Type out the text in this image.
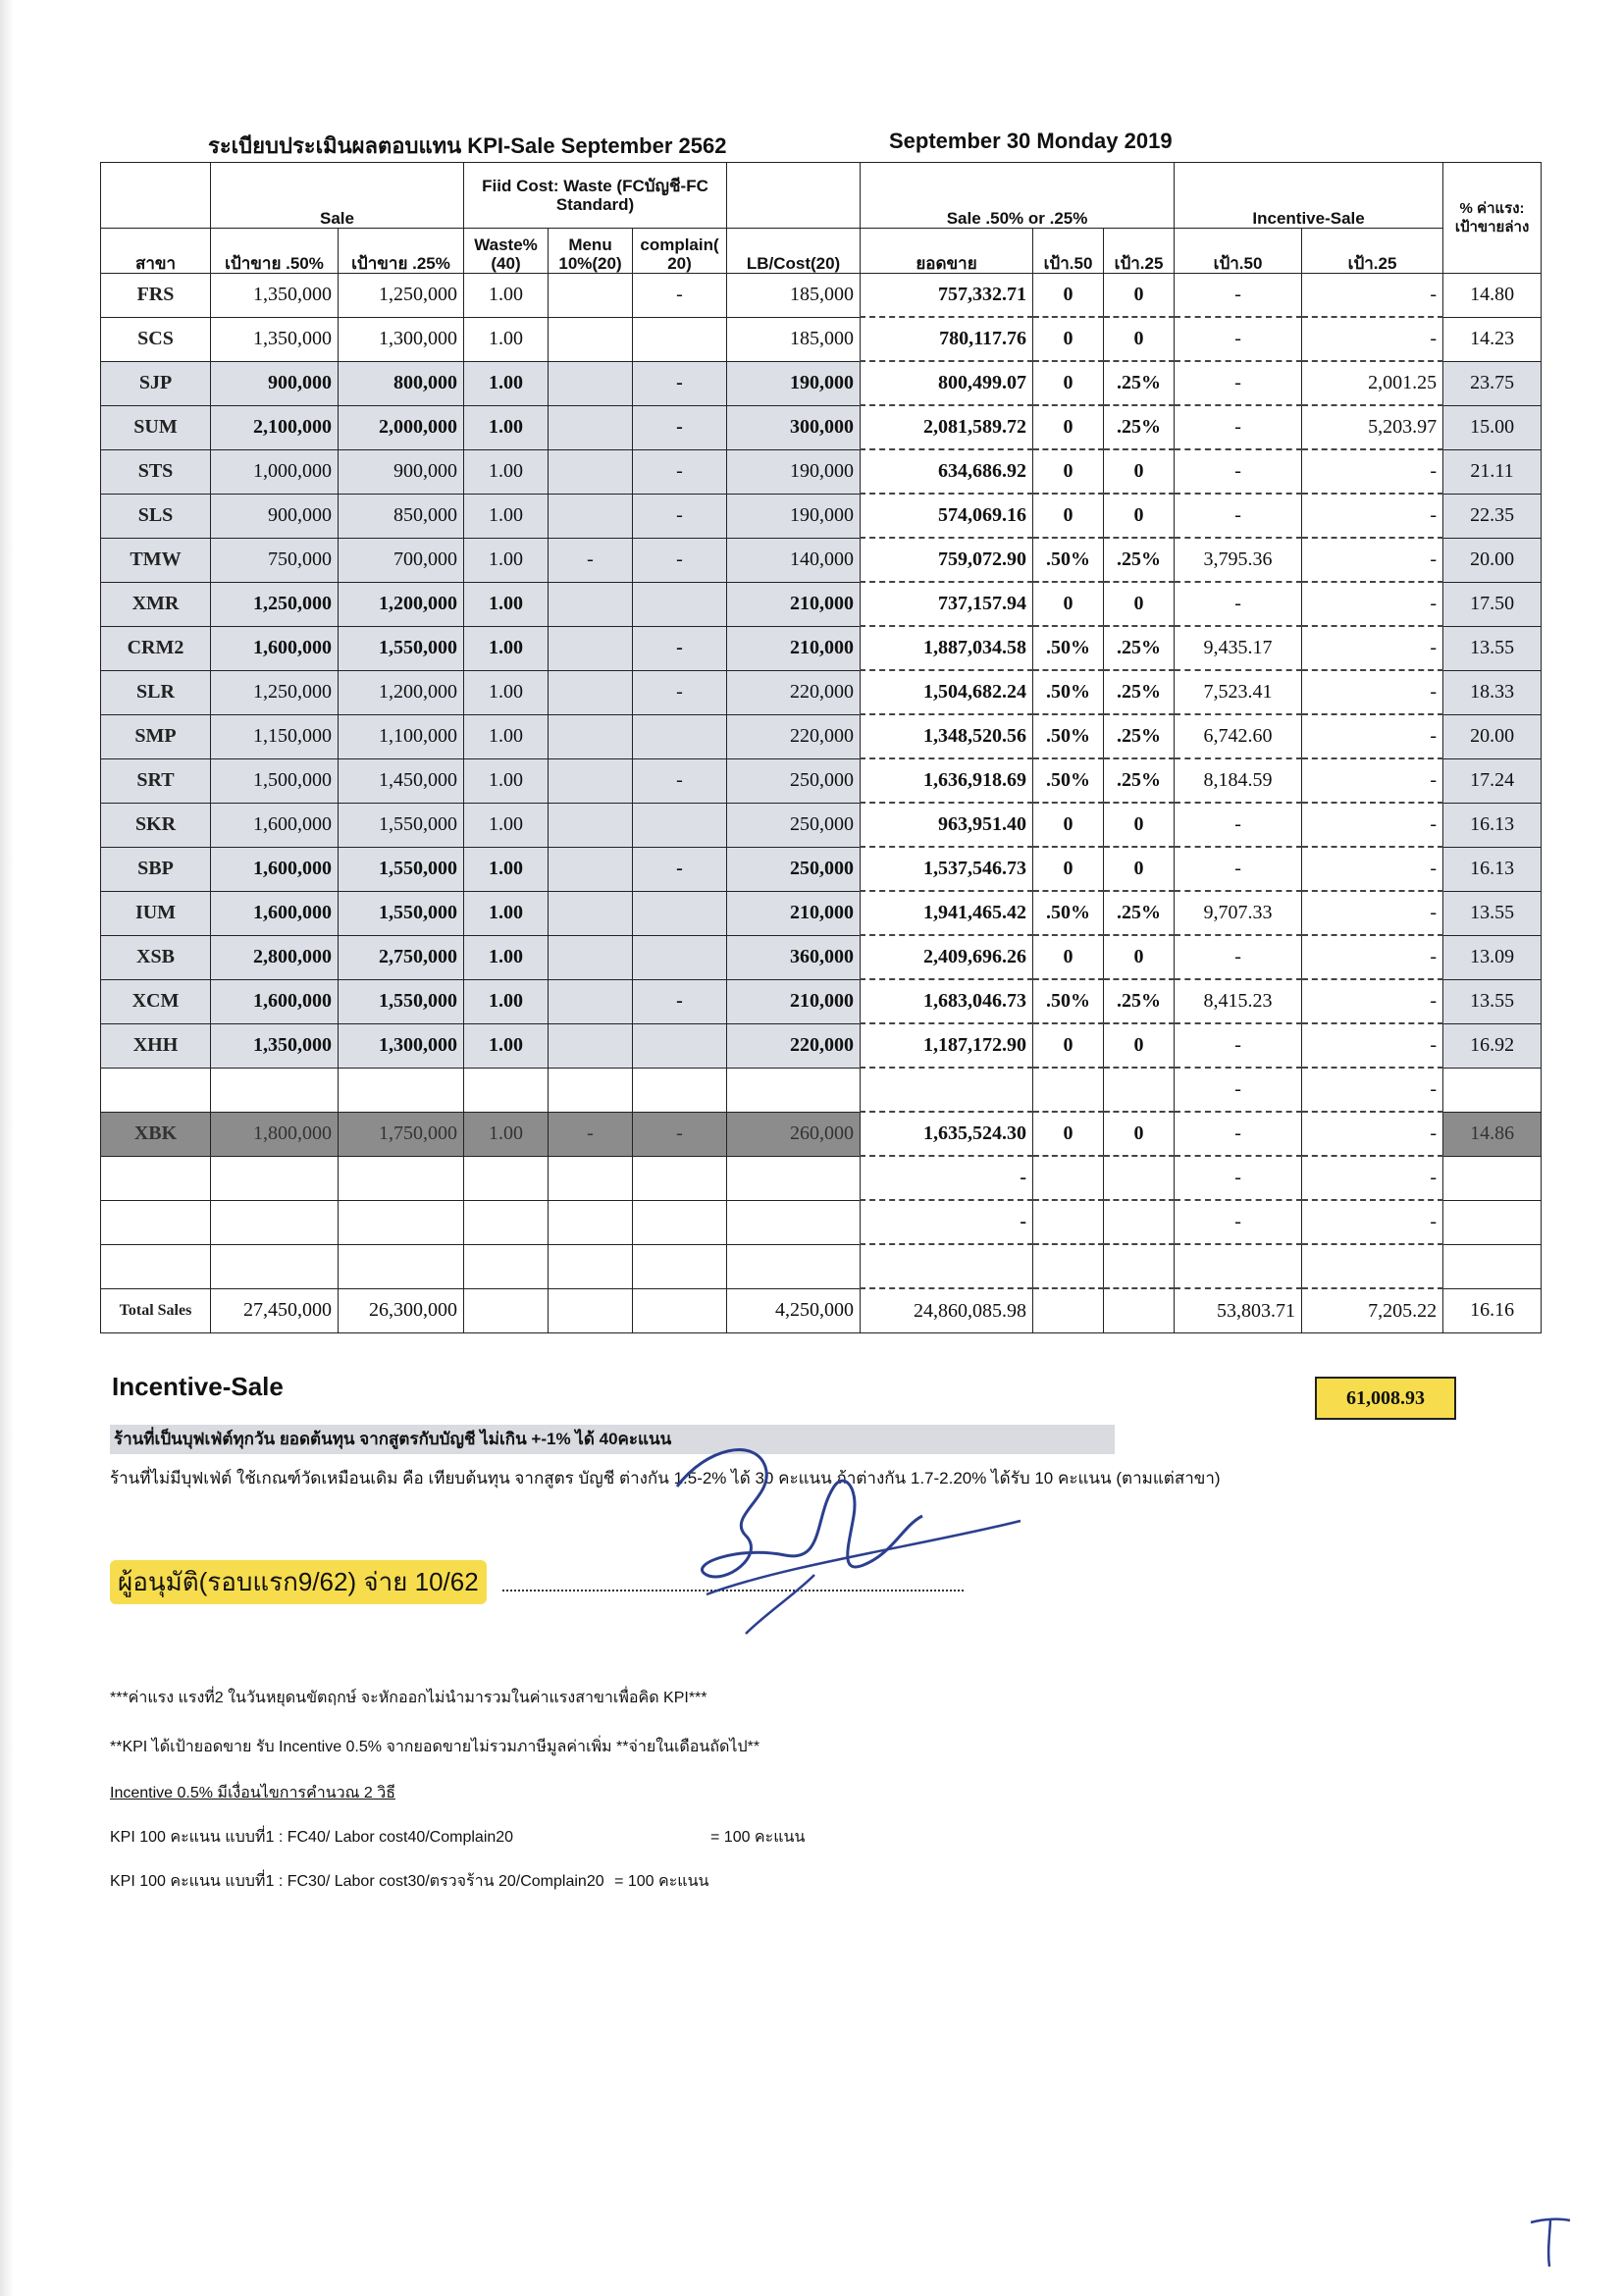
ระเบียบประเมินผลตอบแทน KPI-Sale September 2562	September 30 Monday 2019
	Sale		Fiid Cost: Waste (FCบัญชี-FC Standard)				Sale .50% or .25%			Incentive-Sale		% ค่าแรง: เป้าขายล่าง
สาขา	เป้าขาย .50%	เป้าขาย .25%	Waste% (40)	Menu 10%(20)	complain( 20)	LB/Cost(20)	ยอดขาย	เป้า.50	เป้า.25	เป้า.50	เป้า.25	
FRS	1,350,000	1,250,000	1.00		-	185,000	757,332.71	0	0	-	-	14.80
SCS	1,350,000	1,300,000	1.00			185,000	780,117.76	0	0	-	-	14.23
SJP	900,000	800,000	1.00		-	190,000	800,499.07	0	.25%	-	2,001.25	23.75
SUM	2,100,000	2,000,000	1.00		-	300,000	2,081,589.72	0	.25%	-	5,203.97	15.00
STS	1,000,000	900,000	1.00		-	190,000	634,686.92	0	0	-	-	21.11
SLS	900,000	850,000	1.00		-	190,000	574,069.16	0	0	-	-	22.35
TMW	750,000	700,000	1.00	-	-	140,000	759,072.90	.50%	.25%	3,795.36	-	20.00
XMR	1,250,000	1,200,000	1.00			210,000	737,157.94	0	0	-	-	17.50
CRM2	1,600,000	1,550,000	1.00		-	210,000	1,887,034.58	.50%	.25%	9,435.17	-	13.55
SLR	1,250,000	1,200,000	1.00		-	220,000	1,504,682.24	.50%	.25%	7,523.41	-	18.33
SMP	1,150,000	1,100,000	1.00			220,000	1,348,520.56	.50%	.25%	6,742.60	-	20.00
SRT	1,500,000	1,450,000	1.00		-	250,000	1,636,918.69	.50%	.25%	8,184.59	-	17.24
SKR	1,600,000	1,550,000	1.00			250,000	963,951.40	0	0	-	-	16.13
SBP	1,600,000	1,550,000	1.00		-	250,000	1,537,546.73	0	0	-	-	16.13
IUM	1,600,000	1,550,000	1.00			210,000	1,941,465.42	.50%	.25%	9,707.33	-	13.55
XSB	2,800,000	2,750,000	1.00			360,000	2,409,696.26	0	0	-	-	13.09
XCM	1,600,000	1,550,000	1.00		-	210,000	1,683,046.73	.50%	.25%	8,415.23	-	13.55
XHH	1,350,000	1,300,000	1.00			220,000	1,187,172.90	0	0	-	-	16.92
										-	-	
XBK	1,800,000	1,750,000	1.00	-	-	260,000	1,635,524.30	0	0	-	-	14.86
							-			-	-	
							-			-	-	

Total Sales	27,450,000	26,300,000				4,250,000	24,860,085.98			53,803.71	7,205.22	16.16
Incentive-Sale	61,008.93
ร้านที่เป็นบุฟเฟ่ต์ทุกวัน ยอดต้นทุน จากสูตรกับบัญชี ไม่เกิน +-1% ได้ 40คะแนน
ร้านที่ไม่มีบุฟเฟ่ต์ ใช้เกณฑ์วัดเหมือนเดิม คือ เทียบต้นทุน จากสูตร บัญชี ต่างกัน 1.5-2% ได้ 30 คะแนน ถ้าต่างกัน 1.7-2.20% ได้รับ 10 คะแนน (ตามแต่สาขา)
ผู้อนุมัติ(รอบแรก9/62) จ่าย 10/62
***ค่าแรง แรงที่2 ในวันหยุดนขัตฤกษ์ จะหักออกไม่นำมารวมในค่าแรงสาขาเพื่อคิด KPI***
**KPI ได้เป้ายอดขาย รับ Incentive 0.5% จากยอดขายไม่รวมภาษีมูลค่าเพิ่ม **จ่ายในเดือนถัดไป**
Incentive 0.5% มีเงื่อนไขการคำนวณ 2 วิธี
KPI 100 คะแนน แบบที่1 : FC40/ Labor cost40/Complain20	= 100 คะแนน
KPI 100 คะแนน แบบที่1 : FC30/ Labor cost30/ตรวจร้าน 20/Complain20 = 100 คะแนน
